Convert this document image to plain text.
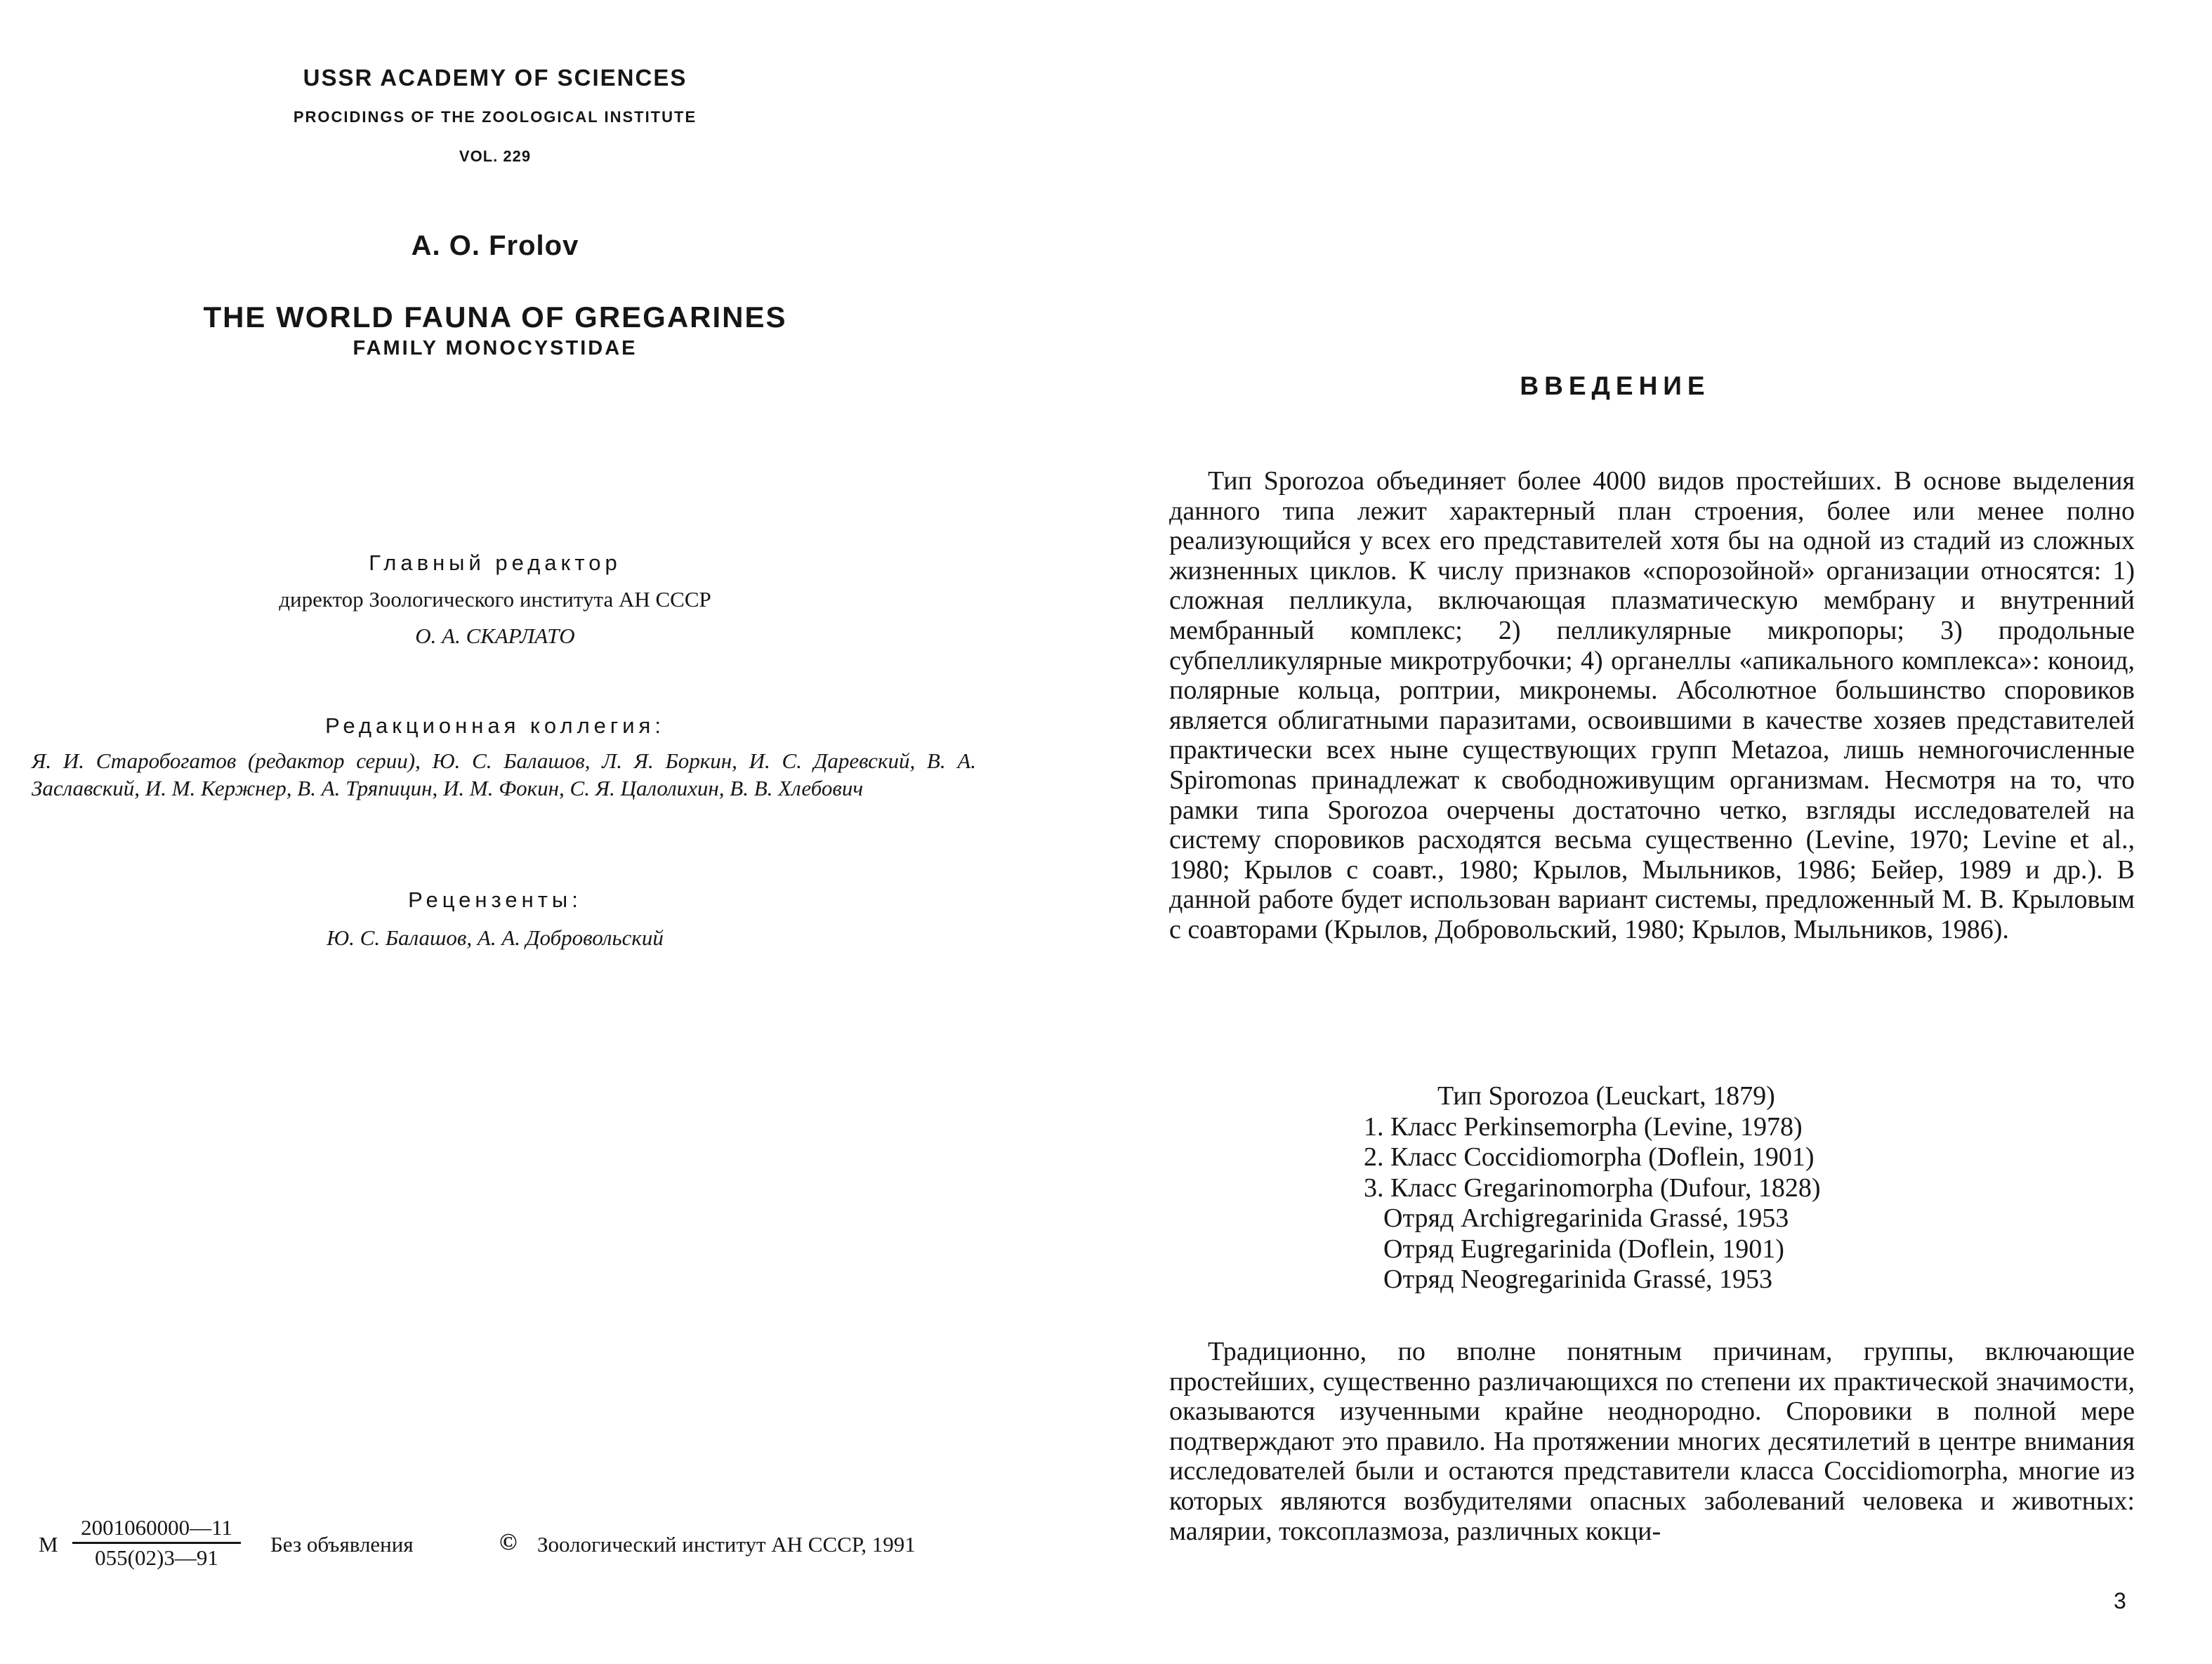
USSR ACADEMY OF SCIENCES
PROCIDINGS OF THE ZOOLOGICAL INSTITUTE
VOL. 229
A. O. Frolov
THE WORLD FAUNA OF GREGARINES
FAMILY MONOCYSTIDAE
Главный редактор
директор Зоологического института АН СССР
О. А. СКАРЛАТО
Редакционная коллегия:
Я. И. Старобогатов (редактор серии), Ю. С. Балашов, Л. Я. Боркин, И. С. Даревский, В. А. Заславский, И. М. Кержнер, В. А. Тряпицин, И. М. Фокин, С. Я. Цалолихин, В. В. Хлебович
Рецензенты:
Ю. С. Балашов, А. А. Добровольский
М $\frac{2001060000—11}{055(02)3—91}$ Без объявления	© Зоологический институт АН СССР, 1991
ВВЕДЕНИЕ

Тип Sporozoa объединяет более 4000 видов простейших. В основе выделения данного типа лежит характерный план строения, более или менее полно реализующийся у всех его представителей хотя бы на одной из стадий из сложных жизненных циклов. К числу признаков «спорозойной» организации относятся: 1) сложная пелликула, включающая плазматическую мембрану и внутренний мембранный комплекс; 2) пелликулярные микропоры; 3) продольные субпелликулярные микротрубочки; 4) органеллы «апикального комплекса»: коноид, полярные кольца, роптрии, микронемы. Абсолютное большинство споровиков является облигатными паразитами, освоившими в качестве хозяев представителей практически всех ныне существующих групп Metazoa, лишь немногочисленные Spiromonas принадлежат к свободноживущим организмам. Несмотря на то, что рамки типа Sporozoa очерчены достаточно четко, взгляды исследователей на систему споровиков расходятся весьма существенно (Levine, 1970; Levine et al., 1980; Крылов с соавт., 1980; Крылов, Мыльников, 1986; Бейер, 1989 и др.). В данной работе будет использован вариант системы, предложенный М. В. Крыловым с соавторами (Крылов, Добровольский, 1980; Крылов, Мыльников, 1986).

Тип Sporozoa (Leuckart, 1879)
1. Класс Perkinsemorpha (Levine, 1978)
2. Класс Coccidiomorpha (Doflein, 1901)
3. Класс Gregarinomorpha (Dufour, 1828)
Отряд Archigregarinida Grassé, 1953
Отряд Eugregarinida (Doflein, 1901)
Отряд Neogregarinida Grassé, 1953

Традиционно, по вполне понятным причинам, группы, включающие простейших, существенно различающихся по степени их практической значимости, оказываются изученными крайне неоднородно. Споровики в полной мере подтверждают это правило. На протяжении многих десятилетий в центре внимания исследователей были и остаются представители класса Coccidiomorpha, многие из которых являются возбудителями опасных заболеваний человека и животных: малярии, токсоплазмоза, различных кокци-

3
